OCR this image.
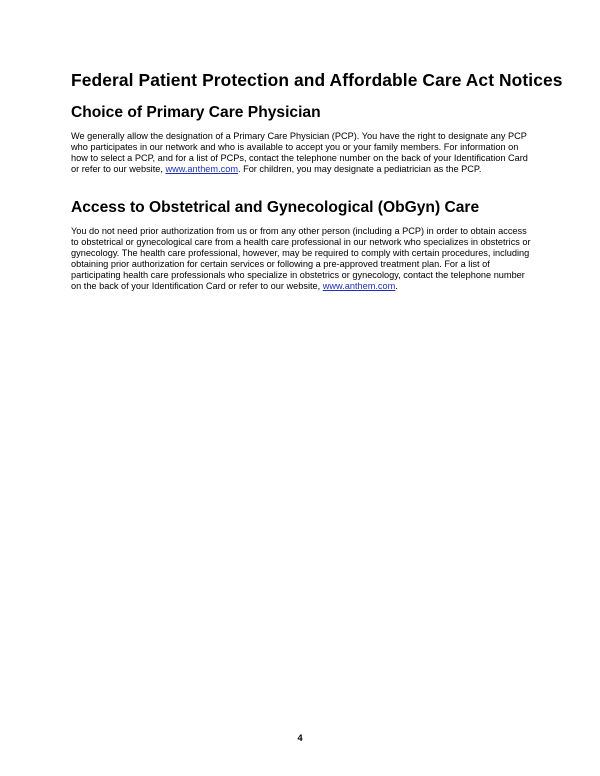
Federal Patient Protection and Affordable Care Act Notices
Choice of Primary Care Physician

We generally allow the designation of a Primary Care Physician (PCP). You have the right to designate any PCP who participates in our network and who is available to accept you or your family members. For information on how to select a PCP, and for a list of PCPs, contact the telephone number on the back of your Identification Card or refer to our website, www.anthem.com. For children, you may designate a pediatrician as the PCP.

Access to Obstetrical and Gynecological (ObGyn) Care

You do not need prior authorization from us or from any other person (including a PCP) in order to obtain access to obstetrical or gynecological care from a health care professional in our network who specializes in obstetrics or gynecology. The health care professional, however, may be required to comply with certain procedures, including obtaining prior authorization for certain services or following a pre-approved treatment plan. For a list of participating health care professionals who specialize in obstetrics or gynecology, contact the telephone number on the back of your Identification Card or refer to our website, www.anthem.com.

4
